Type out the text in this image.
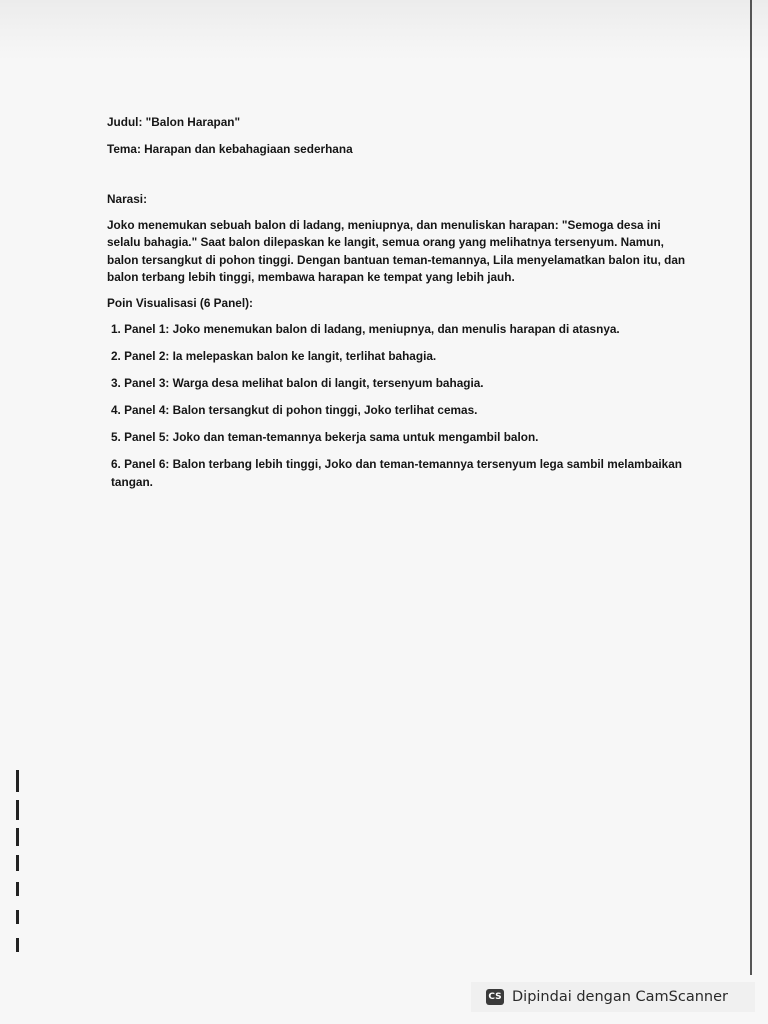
Judul: "Balon Harapan"

Tema: Harapan dan kebahagiaan sederhana

Narasi:

Joko menemukan sebuah balon di ladang, meniupnya, dan menuliskan harapan: "Semoga desa ini selalu bahagia." Saat balon dilepaskan ke langit, semua orang yang melihatnya tersenyum. Namun, balon tersangkut di pohon tinggi. Dengan bantuan teman-temannya, Lila menyelamatkan balon itu, dan balon terbang lebih tinggi, membawa harapan ke tempat yang lebih jauh.

Poin Visualisasi (6 Panel):

1. Panel 1: Joko menemukan balon di ladang, meniupnya, dan menulis harapan di atasnya.
2. Panel 2: Ia melepaskan balon ke langit, terlihat bahagia.
3. Panel 3: Warga desa melihat balon di langit, tersenyum bahagia.
4. Panel 4: Balon tersangkut di pohon tinggi, Joko terlihat cemas.
5. Panel 5: Joko dan teman-temannya bekerja sama untuk mengambil balon.
6. Panel 6: Balon terbang lebih tinggi, Joko dan teman-temannya tersenyum lega sambil melambaikan tangan.
CS Dipindai dengan CamScanner
